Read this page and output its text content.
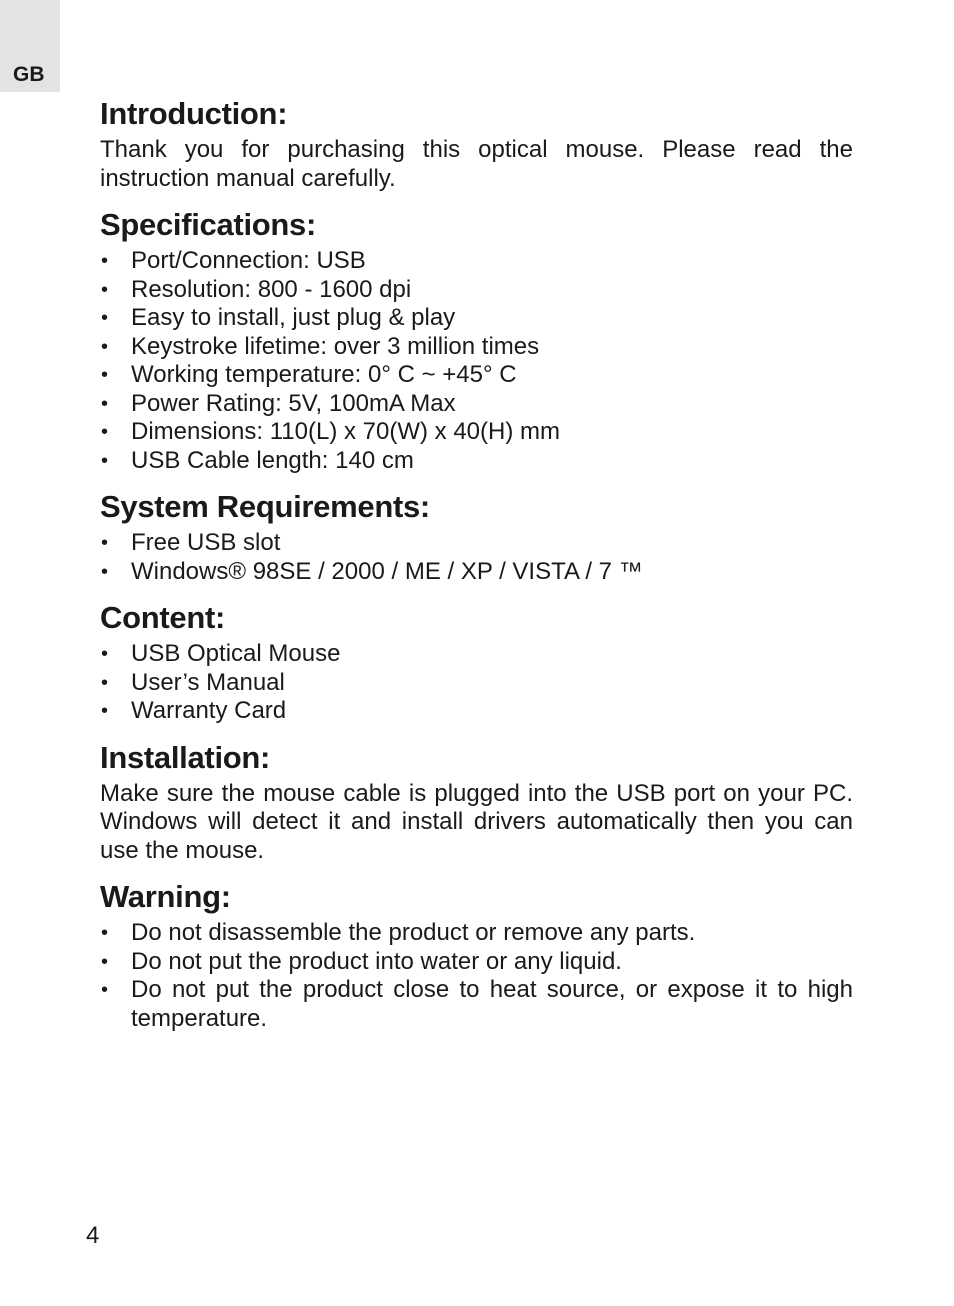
GB
Introduction:

Thank you for purchasing this optical mouse. Please read the instruction manual carefully.

Specifications:
• Port/Connection: USB
• Resolution: 800 - 1600 dpi
• Easy to install, just plug & play
• Keystroke lifetime: over 3 million times
• Working temperature: 0° C ~ +45° C
• Power Rating: 5V, 100mA Max
• Dimensions: 110(L) x 70(W) x 40(H) mm
• USB Cable length: 140 cm
System Requirements:
• Free USB slot
• Windows® 98SE / 2000 / ME / XP / VISTA / 7 ™
Content:
• USB Optical Mouse
• User’s Manual
• Warranty Card
Installation:

Make sure the mouse cable is plugged into the USB port on your PC. Windows will detect it and install drivers automatically then you can use the mouse.

Warning:
• Do not disassemble the product or remove any parts.
• Do not put the product into water or any liquid.
• Do not put the product close to heat source, or expose it to high temperature.
4
